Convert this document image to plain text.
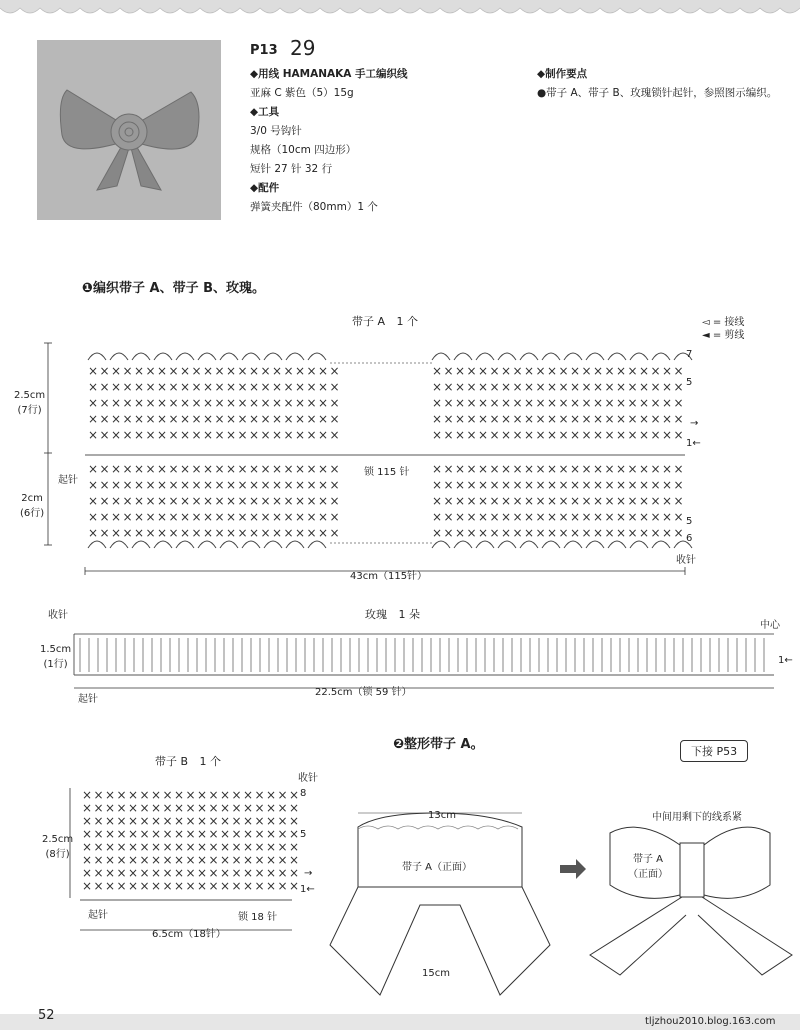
P13 29
◆用线 HAMANAKA 手工编织线
亚麻 C 紫色（5）15g
◆工具
3/0 号钩针
规格（10cm 四边形）
短针 27 针 32 行
◆配件
弹簧夹配件（80mm）1 个
◆制作要点
●带子 A、带子 B、玫瑰锁针起针，参照图示编织。
❶编织带子 A、带子 B、玫瑰。
带子 A 1 个	◅ = 接线
◄ = 剪线
× × × × × × × × × × × × × × × × × × × × × ×
× × × × × × × × × × × × × × × × × × × × × ×
× × × × × × × × × × × × × × × × × × × × × ×
× × × × × × × × × × × × × × × × × × × × × ×
× × × × × × × × × × × × × × × × × × × × × ×
× × × × × × × × × × × × × × × × × × × × × ×
× × × × × × × × × × × × × × × × × × × × × ×
× × × × × × × × × × × × × × × × × × × × × ×
× × × × × × × × × × × × × × × × × × × × × ×
× × × × × × × × × × × × × × × × × × × × × ×
× × × × × × × × × × × × × × × × × × × × × ×
× × × × × × × × × × × × × × × × × × × × × ×
× × × × × × × × × × × × × × × × × × × × × ×
× × × × × × × × × × × × × × × × × × × × × ×
× × × × × × × × × × × × × × × × × × × × × ×
× × × × × × × × × × × × × × × × × × × × × ×
× × × × × × × × × × × × × × × × × × × × × ×
× × × × × × × × × × × × × × × × × × × × × ×
× × × × × × × × × × × × × × × × × × × × × ×
× × × × × × × × × × × × × × × × × × × × × ×
2.5cm
(7行)
2cm
(6行)
起针
锁 115 针
收针
43cm（115针）
7
5
→
1←
5
6
玫瑰 1 朵
收针
中心
1.5cm
(1行)
起针
22.5cm（锁 59 针）
1←
❷整形带子 A。	下接 P53
带子 B 1 个
收针
8
5
→
1←
2.5cm
(8行)
起针	锁 18 针
6.5cm（18针）
× × × × × × × × × × × × × × × × × × ×
× × × × × × × × × × × × × × × × × × ×
× × × × × × × × × × × × × × × × × × ×
× × × × × × × × × × × × × × × × × × ×
× × × × × × × × × × × × × × × × × × ×
× × × × × × × × × × × × × × × × × × ×
× × × × × × × × × × × × × × × × × × ×
× × × × × × × × × × × × × × × × × × ×
13cm
带子 A（正面）
15cm
中间用剩下的线系紧
带子 A
（正面）
52	tljzhou2010.blog.163.com
